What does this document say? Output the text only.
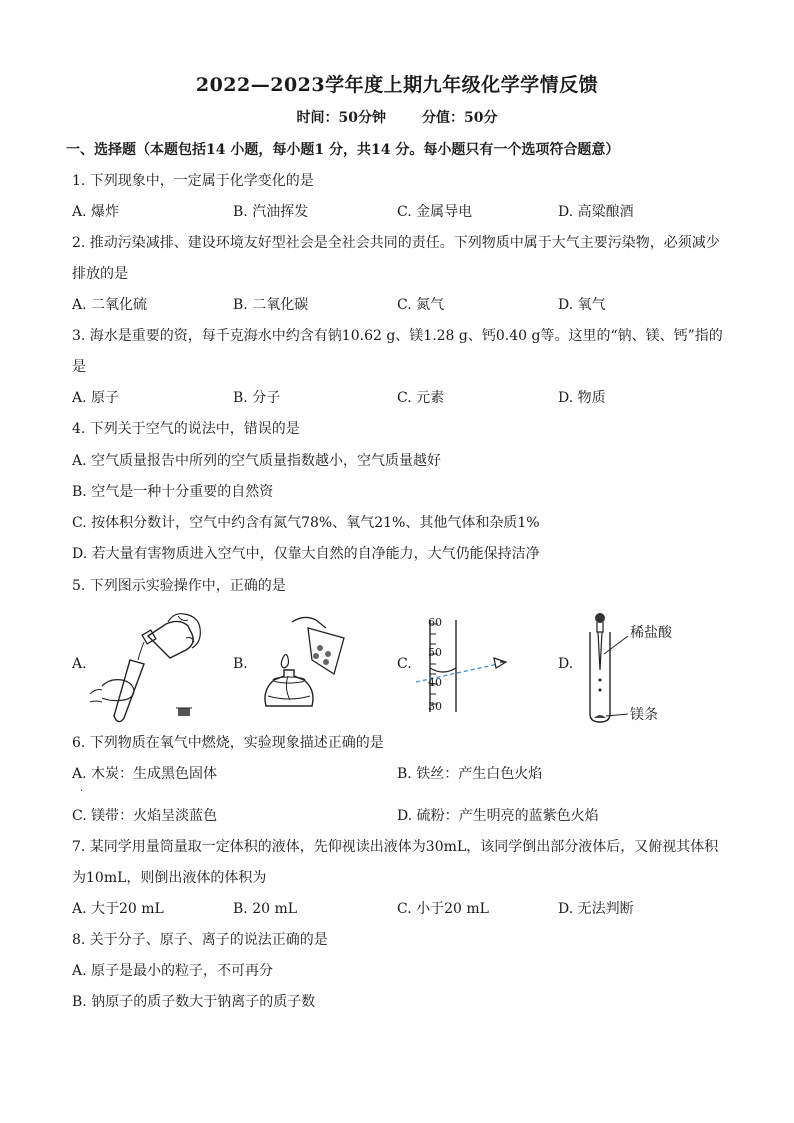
2022—2023学年度上期九年级化学学情反馈
时间：50分钟	分值：50分
一、选择题（本题包括14 小题，每小题1 分，共14 分。每小题只有一个选项符合题意）
1. 下列现象中，一定属于化学变化的是
A. 爆炸	B. 汽油挥发	C. 金属导电	D. 高粱酿酒
2. 推动污染减排、建设环境友好型社会是全社会共同的责任。下列物质中属于大气主要污染物，必须减少
排放的是
A. 二氧化硫	B. 二氧化碳	C. 氮气	D. 氧气
3. 海水是重要的资，每千克海水中约含有钠10.62 g、镁1.28 g、钙0.40 g等。这里的“钠、镁、钙”指的
是
A. 原子	B. 分子	C. 元素	D. 物质
4. 下列关于空气的说法中，错误的是
A. 空气质量报告中所列的空气质量指数越小，空气质量越好
B. 空气是一种十分重要的自然资
C. 按体积分数计，空气中约含有氮气78%、氧气21%、其他气体和杂质1%
D. 若大量有害物质进入空气中，仅靠大自然的自净能力，大气仍能保持洁净
5. 下列图示实验操作中，正确的是
A.	B.	C.
60
50
40
30
D.
稀盐酸
镁条
6. 下列物质在氧气中燃烧，实验现象描述正确的是
A. 木炭：生成黑色固体	B. 铁丝：产生白色火焰
·
C. 镁带：火焰呈淡蓝色	D. 硫粉：产生明亮的蓝紫色火焰
7. 某同学用量筒量取一定体积的液体，先仰视读出液体为30mL，该同学倒出部分液体后，又俯视其体积
为10mL，则倒出液体的体积为
A. 大于20 mL	B. 20 mL	C. 小于20 mL	D. 无法判断
8. 关于分子、原子、离子的说法正确的是
A. 原子是最小的粒子，不可再分
B. 钠原子的质子数大于钠离子的质子数
